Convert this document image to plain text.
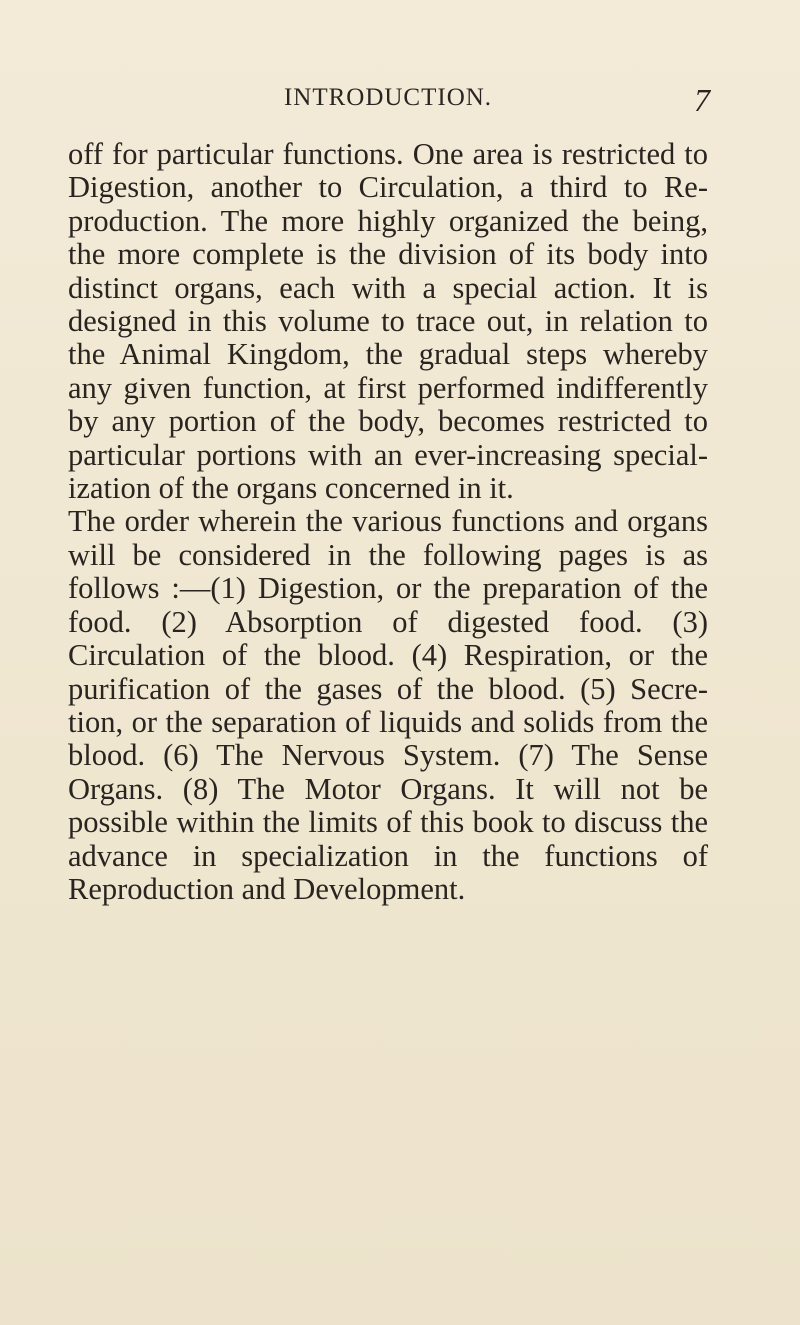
INTRODUCTION.	7

off for particular functions. One area is restricted to Digestion, another to Circulation, a third to Re-production. The more highly organized the being, the more complete is the division of its body into distinct organs, each with a special action. It is designed in this volume to trace out, in relation to the Animal Kingdom, the gradual steps whereby any given function, at first performed indifferently by any portion of the body, becomes restricted to particular portions with an ever-increasing special-ization of the organs concerned in it.

The order wherein the various functions and organs will be considered in the following pages is as follows :—(1) Digestion, or the preparation of the food. (2) Absorption of digested food. (3) Circulation of the blood. (4) Respiration, or the purification of the gases of the blood. (5) Secre-tion, or the separation of liquids and solids from the blood. (6) The Nervous System. (7) The Sense Organs. (8) The Motor Organs. It will not be possible within the limits of this book to discuss the advance in specialization in the functions of Reproduction and Development.
